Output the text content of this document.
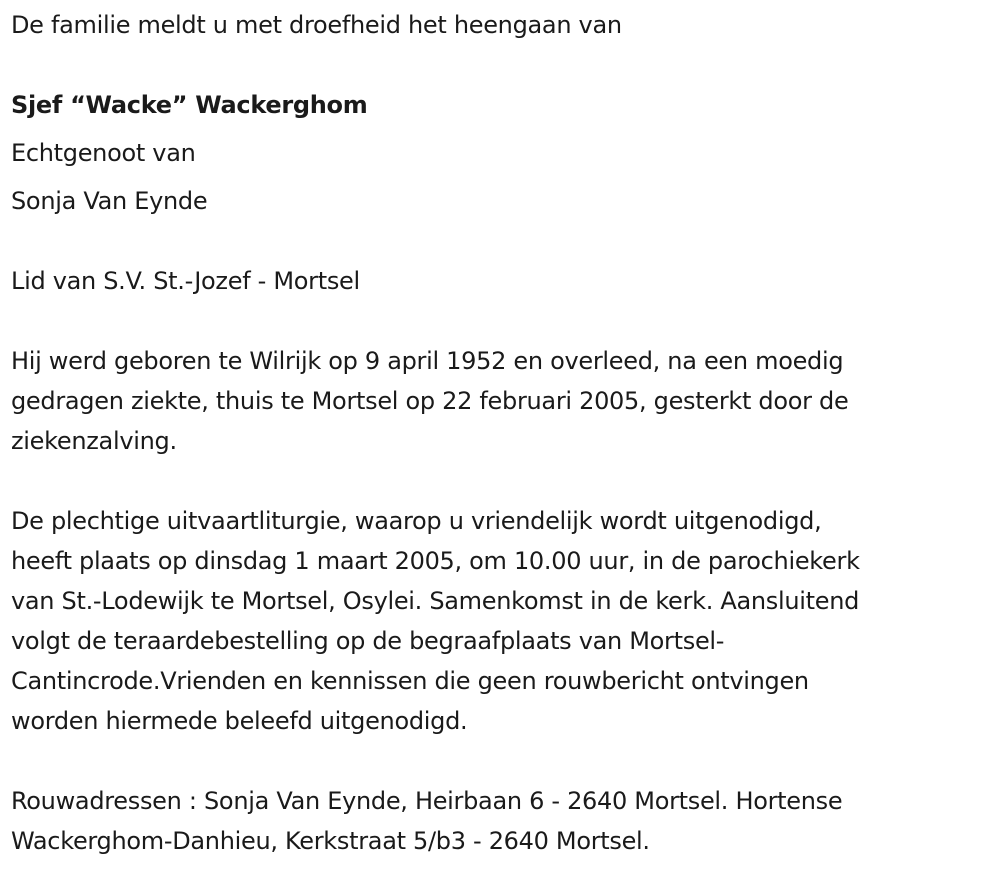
De familie meldt u met droefheid het heengaan van
Sjef “Wacke” Wackerghom
Echtgenoot van
Sonja Van Eynde
Lid van S.V. St.-Jozef - Mortsel
Hij werd geboren te Wilrijk op 9 april 1952 en overleed, na een moedig
gedragen ziekte, thuis te Mortsel op 22 februari 2005, gesterkt door de
ziekenzalving.
De plechtige uitvaartliturgie, waarop u vriendelijk wordt uitgenodigd,
heeft plaats op dinsdag 1 maart 2005, om 10.00 uur, in de parochiekerk
van St.-Lodewijk te Mortsel, Osylei. Samenkomst in de kerk. Aansluitend
volgt de teraardebestelling op de begraafplaats van Mortsel-
Cantincrode.Vrienden en kennissen die geen rouwbericht ontvingen
worden hiermede beleefd uitgenodigd.
Rouwadressen : Sonja Van Eynde, Heirbaan 6 - 2640 Mortsel. Hortense
Wackerghom-Danhieu, Kerkstraat 5/b3 - 2640 Mortsel.
